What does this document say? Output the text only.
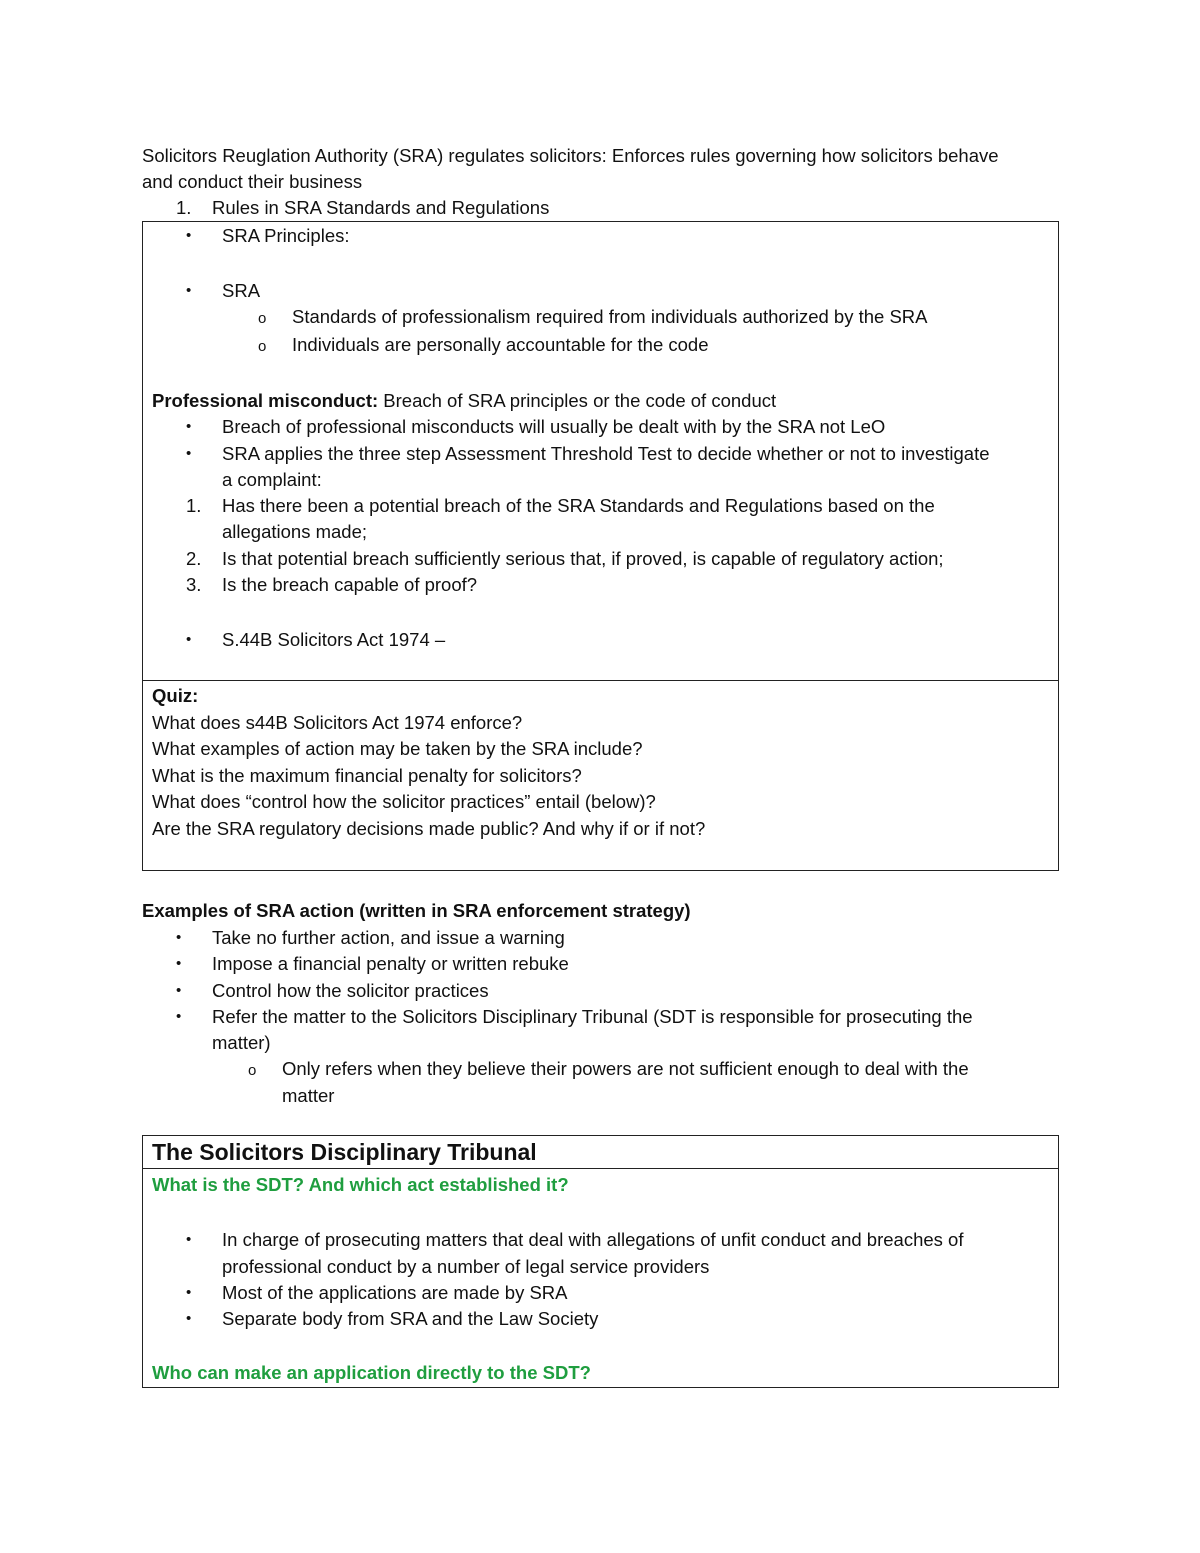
Solicitors Reuglation Authority (SRA) regulates solicitors: Enforces rules governing how solicitors behave
and conduct their business
1. Rules in SRA Standards and Regulations
• SRA Principles:
• SRA
o Standards of professionalism required from individuals authorized by the SRA
o Individuals are personally accountable for the code
Professional misconduct: Breach of SRA principles or the code of conduct
• Breach of professional misconducts will usually be dealt with by the SRA not LeO
• SRA applies the three step Assessment Threshold Test to decide whether or not to investigate
a complaint:
1. Has there been a potential breach of the SRA Standards and Regulations based on the
allegations made;
2. Is that potential breach sufficiently serious that, if proved, is capable of regulatory action;
3. Is the breach capable of proof?
• S.44B Solicitors Act 1974 –
Quiz:
What does s44B Solicitors Act 1974 enforce?
What examples of action may be taken by the SRA include?
What is the maximum financial penalty for solicitors?
What does “control how the solicitor practices” entail (below)?
Are the SRA regulatory decisions made public? And why if or if not?
Examples of SRA action (written in SRA enforcement strategy)
• Take no further action, and issue a warning
• Impose a financial penalty or written rebuke
• Control how the solicitor practices
• Refer the matter to the Solicitors Disciplinary Tribunal (SDT is responsible for prosecuting the
matter)
o Only refers when they believe their powers are not sufficient enough to deal with the
matter
The Solicitors Disciplinary Tribunal
What is the SDT? And which act established it?
• In charge of prosecuting matters that deal with allegations of unfit conduct and breaches of
professional conduct by a number of legal service providers
• Most of the applications are made by SRA
• Separate body from SRA and the Law Society
Who can make an application directly to the SDT?
